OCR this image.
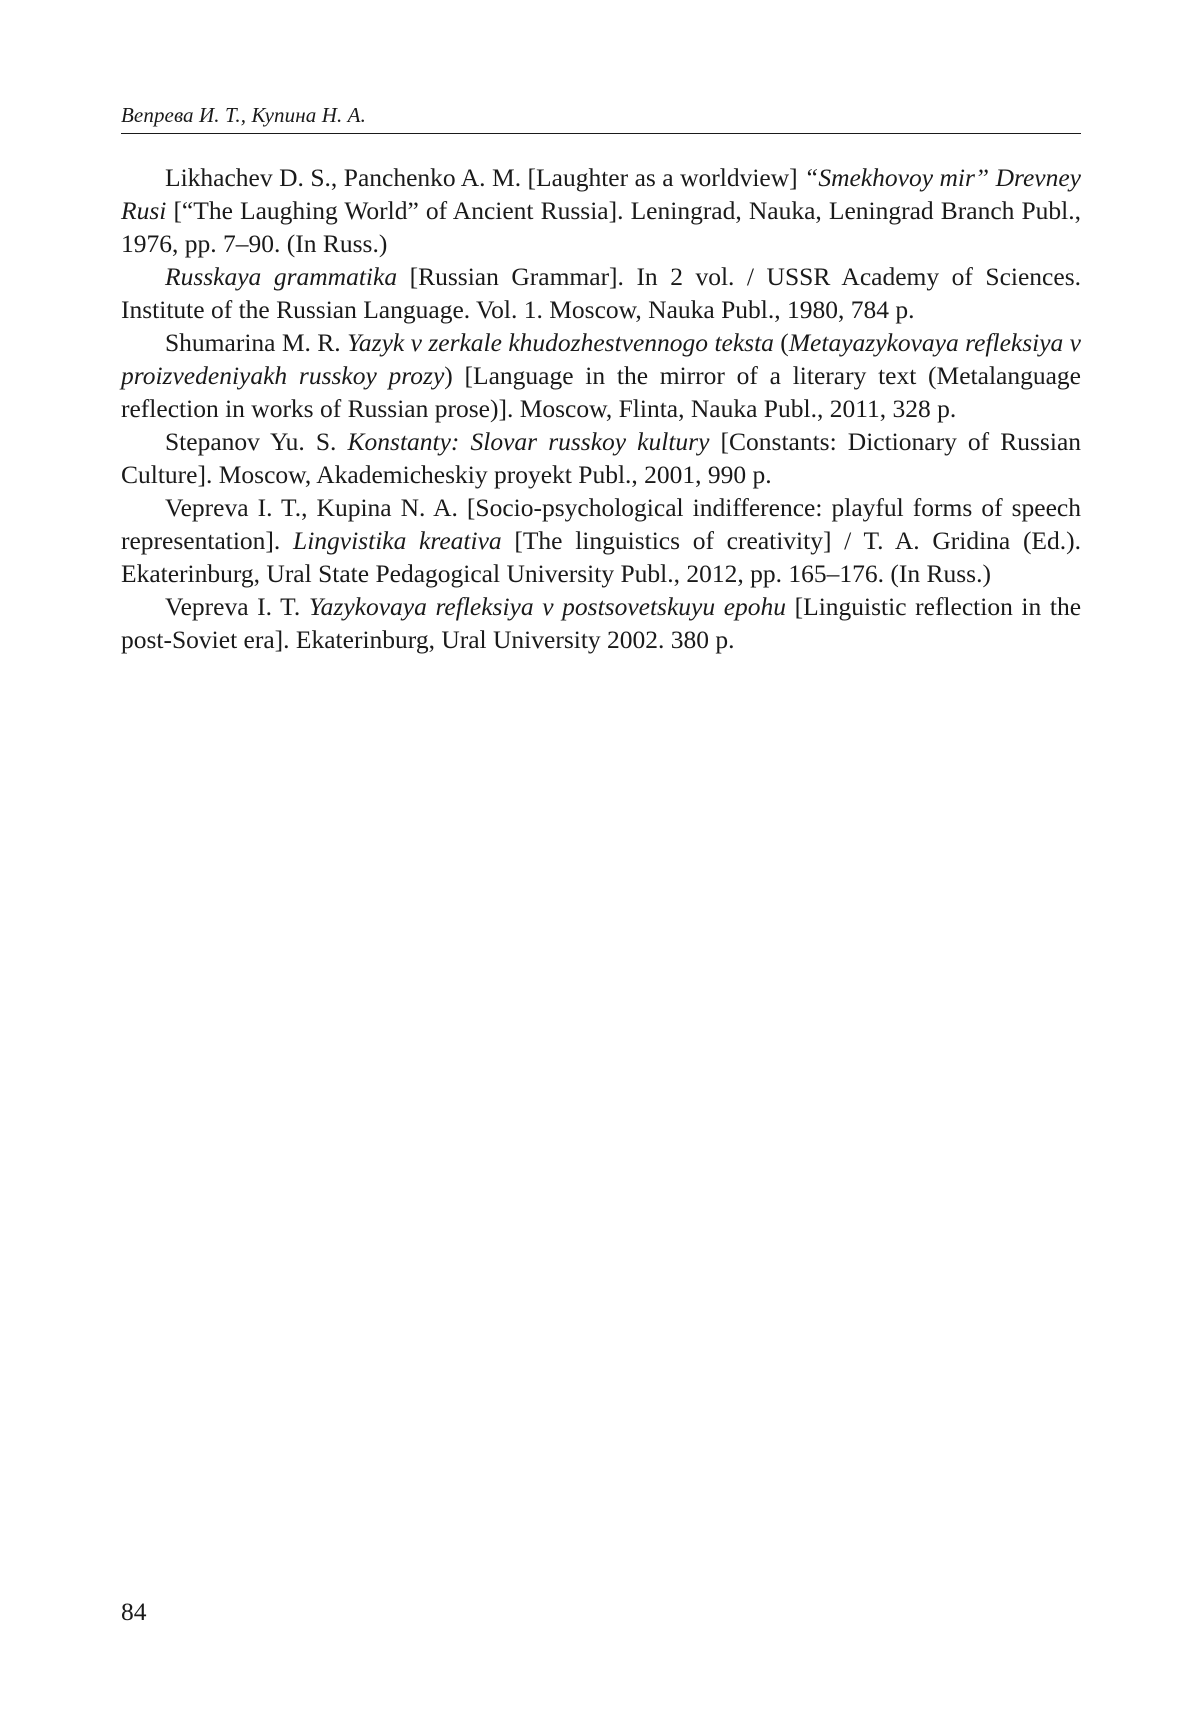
Вепрева И. Т., Купина Н. А.

Likhachev D. S., Panchenko A. M. [Laughter as a worldview] “Smekhovoy mir” Drevney Rusi [“The Laughing World” of Ancient Russia]. Leningrad, Nauka, Leningrad Branch Publ., 1976, pp. 7–90. (In Russ.)

Russkaya grammatika [Russian Grammar]. In 2 vol. / USSR Academy of Sciences. Institute of the Russian Language. Vol. 1. Moscow, Nauka Publ., 1980, 784 p.

Shumarina M. R. Yazyk v zerkale khudozhestvennogo teksta (Metayazykovaya refleksiya v proizvedeniyakh russkoy prozy) [Language in the mirror of a literary text (Metalanguage reflection in works of Russian prose)]. Moscow, Flinta, Nauka Publ., 2011, 328 p.

Stepanov Yu. S. Konstanty: Slovar russkoy kultury [Constants: Dictionary of Russian Culture]. Moscow, Akademicheskiy proyekt Publ., 2001, 990 p.

Vepreva I. T., Kupina N. A. [Socio-psychological indifference: playful forms of speech representation]. Lingvistika kreativa [The linguistics of creativity] / T. A. Gridina (Ed.). Ekaterinburg, Ural State Pedagogical University Publ., 2012, pp. 165–176. (In Russ.)

Vepreva I. T. Yazykovaya refleksiya v postsovetskuyu epohu [Linguistic reflection in the post-Soviet era]. Ekaterinburg, Ural University 2002. 380 p.

84
